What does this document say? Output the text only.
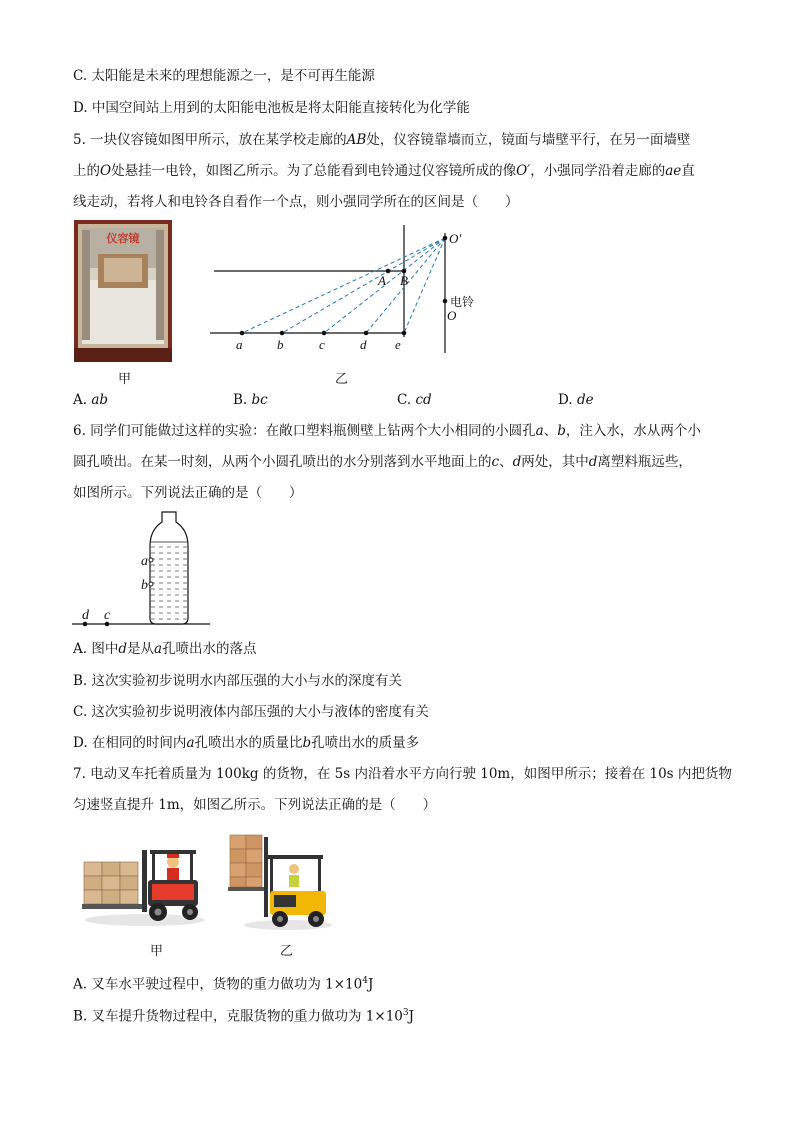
C. 太阳能是未来的理想能源之一，是不可再生能源
D. 中国空间站上用到的太阳能电池板是将太阳能直接转化为化学能
5. 一块仪容镜如图甲所示，放在某学校走廊的AB处，仪容镜靠墙而立，镜面与墙壁平行，在另一面墙壁
上的O处悬挂一电铃，如图乙所示。为了总能看到电铃通过仪容镜所成的像O′，小强同学沿着走廊的ae直
线走动，若将人和电铃各自看作一个点，则小强同学所在的区间是（　　）
仪容镜
甲
A B
O′
O
a	b	c	d e
电铃
乙
A. ab	B. bc	C. cd	D. de
6. 同学们可能做过这样的实验：在敞口塑料瓶侧壁上钻两个大小相同的小圆孔a、b，注入水，水从两个小
圆孔喷出。在某一时刻，从两个小圆孔喷出的水分别落到水平地面上的c、d两处，其中d离塑料瓶远些，
如图所示。下列说法正确的是（　　）
a
b
d c
A. 图中d是从a孔喷出水的落点
B. 这次实验初步说明水内部压强的大小与水的深度有关
C. 这次实验初步说明液体内部压强的大小与液体的密度有关
D. 在相同的时间内a孔喷出水的质量比b孔喷出水的质量多
7. 电动叉车托着质量为 100kg 的货物，在 5s 内沿着水平方向行驶 10m，如图甲所示；接着在 10s 内把货物
匀速竖直提升 1m，如图乙所示。下列说法正确的是（　　）
甲	乙
A. 叉车水平驶过程中，货物的重力做功为 $1\times 10^4J$
B. 叉车提升货物过程中，克服货物的重力做功为 $1\times 10^3J$
